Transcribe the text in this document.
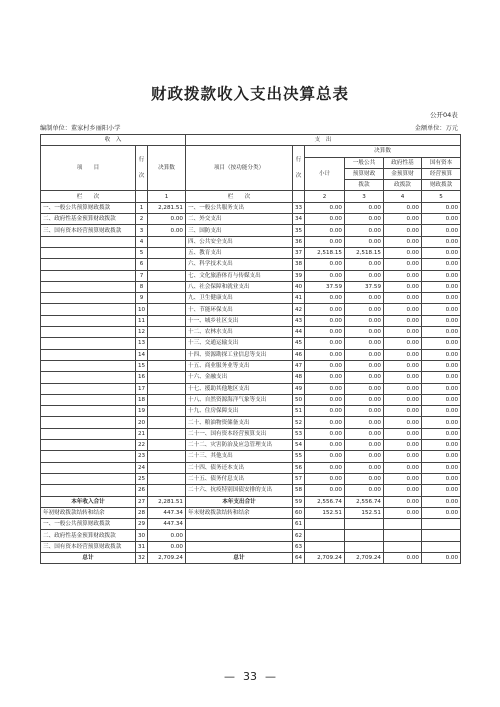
财政拨款收入支出决算总表
公开04表
编制单位：董家村乡丽阳小学	金额单位：万元
收　入			支　出					
项　　目	行

次	决算数	项目（按功能分类）	行

次	决算数			
					小计	一般公共	政府性基	国有资本
						预算财政	金预算财	经营预算
						拨款	政拨款	财政拨款
栏　　次		1	栏　　次		2	3	4	5
一、一般公共预算财政拨款	1	2,281.51	一、一般公共服务支出	33	0.00	0.00	0.00	0.00
二、政府性基金预算财政拨款	2	0.00	二、外交支出	34	0.00	0.00	0.00	0.00
三、国有资本经营预算财政拨款	3	0.00	三、国防支出	35	0.00	0.00	0.00	0.00
	4		四、公共安全支出	36	0.00	0.00	0.00	0.00
	5		五、教育支出	37	2,518.15	2,518.15	0.00	0.00
	6		六、科学技术支出	38	0.00	0.00	0.00	0.00
	7		七、文化旅游体育与传媒支出	39	0.00	0.00	0.00	0.00
	8		八、社会保障和就业支出	40	37.59	37.59	0.00	0.00
	9		九、卫生健康支出	41	0.00	0.00	0.00	0.00
	10		十、节能环保支出	42	0.00	0.00	0.00	0.00
	11		十一、城乡社区支出	43	0.00	0.00	0.00	0.00
	12		十二、农林水支出	44	0.00	0.00	0.00	0.00
	13		十三、交通运输支出	45	0.00	0.00	0.00	0.00
	14		十四、资源勘探工业信息等支出	46	0.00	0.00	0.00	0.00
	15		十五、商业服务业等支出	47	0.00	0.00	0.00	0.00
	16		十六、金融支出	48	0.00	0.00	0.00	0.00
	17		十七、援助其他地区支出	49	0.00	0.00	0.00	0.00
	18		十八、自然资源海洋气象等支出	50	0.00	0.00	0.00	0.00
	19		十九、住房保障支出	51	0.00	0.00	0.00	0.00
	20		二十、粮油物资储备支出	52	0.00	0.00	0.00	0.00
	21		二十一、国有资本经营预算支出	53	0.00	0.00	0.00	0.00
	22		二十二、灾害防治及应急管理支出	54	0.00	0.00	0.00	0.00
	23		二十三、其他支出	55	0.00	0.00	0.00	0.00
	24		二十四、债务还本支出	56	0.00	0.00	0.00	0.00
	25		二十五、债务付息支出	57	0.00	0.00	0.00	0.00
	26		二十六、抗疫特别国债安排的支出	58	0.00	0.00	0.00	0.00
本年收入合计	27	2,281.51	本年支出合计	59	2,556.74	2,556.74	0.00	0.00
年初财政拨款结转和结余	28	447.34	年末财政拨款结转和结余	60	152.51	152.51	0.00	0.00
一、一般公共预算财政拨款	29	447.34		61				
二、政府性基金预算财政拨款	30	0.00		62				
三、国有资本经营预算财政拨款	31	0.00		63				
总计	32	2,709.24	总计	64	2,709.24	2,709.24	0.00	0.00
— 33 —
